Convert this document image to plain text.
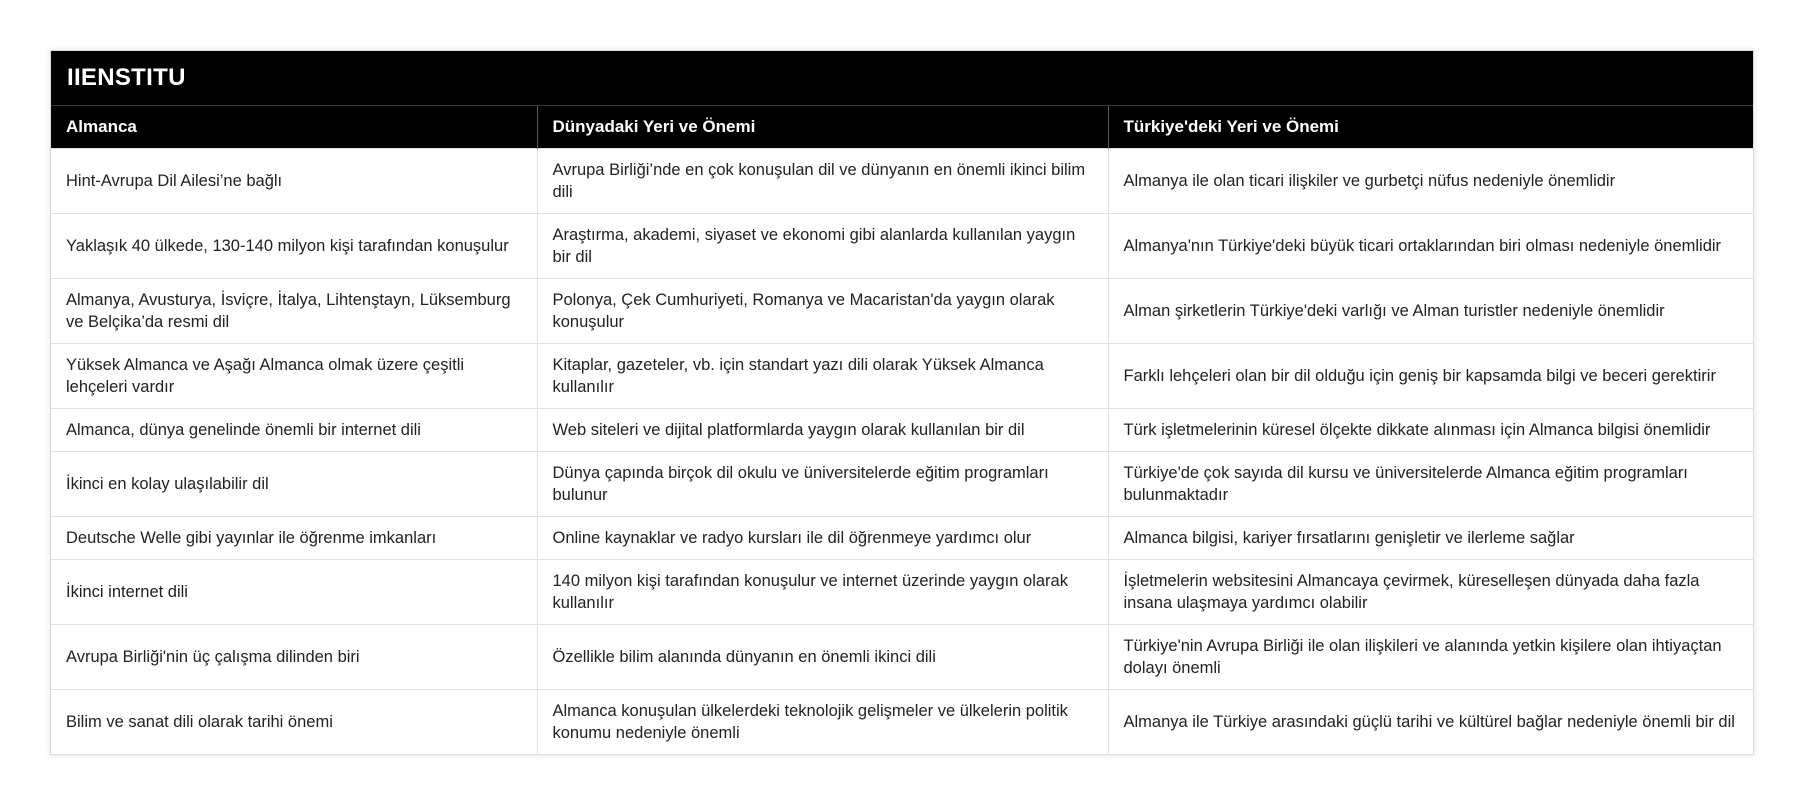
IIENSTITU
Almanca	Dünyadaki Yeri ve Önemi	Türkiye'deki Yeri ve Önemi
Hint-Avrupa Dil Ailesi’ne bağlı	Avrupa Birliği’nde en çok konuşulan dil ve dünyanın en önemli ikinci bilim dili	Almanya ile olan ticari ilişkiler ve gurbetçi nüfus nedeniyle önemlidir
Yaklaşık 40 ülkede, 130-140 milyon kişi tarafından konuşulur	Araştırma, akademi, siyaset ve ekonomi gibi alanlarda kullanılan yaygın bir dil	Almanya'nın Türkiye'deki büyük ticari ortaklarından biri olması nedeniyle önemlidir
Almanya, Avusturya, İsviçre, İtalya, Lihtenştayn, Lüksemburg ve Belçika’da resmi dil	Polonya, Çek Cumhuriyeti, Romanya ve Macaristan'da yaygın olarak konuşulur	Alman şirketlerin Türkiye'deki varlığı ve Alman turistler nedeniyle önemlidir
Yüksek Almanca ve Aşağı Almanca olmak üzere çeşitli lehçeleri vardır	Kitaplar, gazeteler, vb. için standart yazı dili olarak Yüksek Almanca kullanılır	Farklı lehçeleri olan bir dil olduğu için geniş bir kapsamda bilgi ve beceri gerektirir
Almanca, dünya genelinde önemli bir internet dili	Web siteleri ve dijital platformlarda yaygın olarak kullanılan bir dil	Türk işletmelerinin küresel ölçekte dikkate alınması için Almanca bilgisi önemlidir
İkinci en kolay ulaşılabilir dil	Dünya çapında birçok dil okulu ve üniversitelerde eğitim programları bulunur	Türkiye'de çok sayıda dil kursu ve üniversitelerde Almanca eğitim programları bulunmaktadır
Deutsche Welle gibi yayınlar ile öğrenme imkanları	Online kaynaklar ve radyo kursları ile dil öğrenmeye yardımcı olur	Almanca bilgisi, kariyer fırsatlarını genişletir ve ilerleme sağlar
İkinci internet dili	140 milyon kişi tarafından konuşulur ve internet üzerinde yaygın olarak kullanılır	İşletmelerin websitesini Almancaya çevirmek, küreselleşen dünyada daha fazla insana ulaşmaya yardımcı olabilir
Avrupa Birliği'nin üç çalışma dilinden biri	Özellikle bilim alanında dünyanın en önemli ikinci dili	Türkiye'nin Avrupa Birliği ile olan ilişkileri ve alanında yetkin kişilere olan ihtiyaçtan dolayı önemli
Bilim ve sanat dili olarak tarihi önemi	Almanca konuşulan ülkelerdeki teknolojik gelişmeler ve ülkelerin politik konumu nedeniyle önemli	Almanya ile Türkiye arasındaki güçlü tarihi ve kültürel bağlar nedeniyle önemli bir dil
